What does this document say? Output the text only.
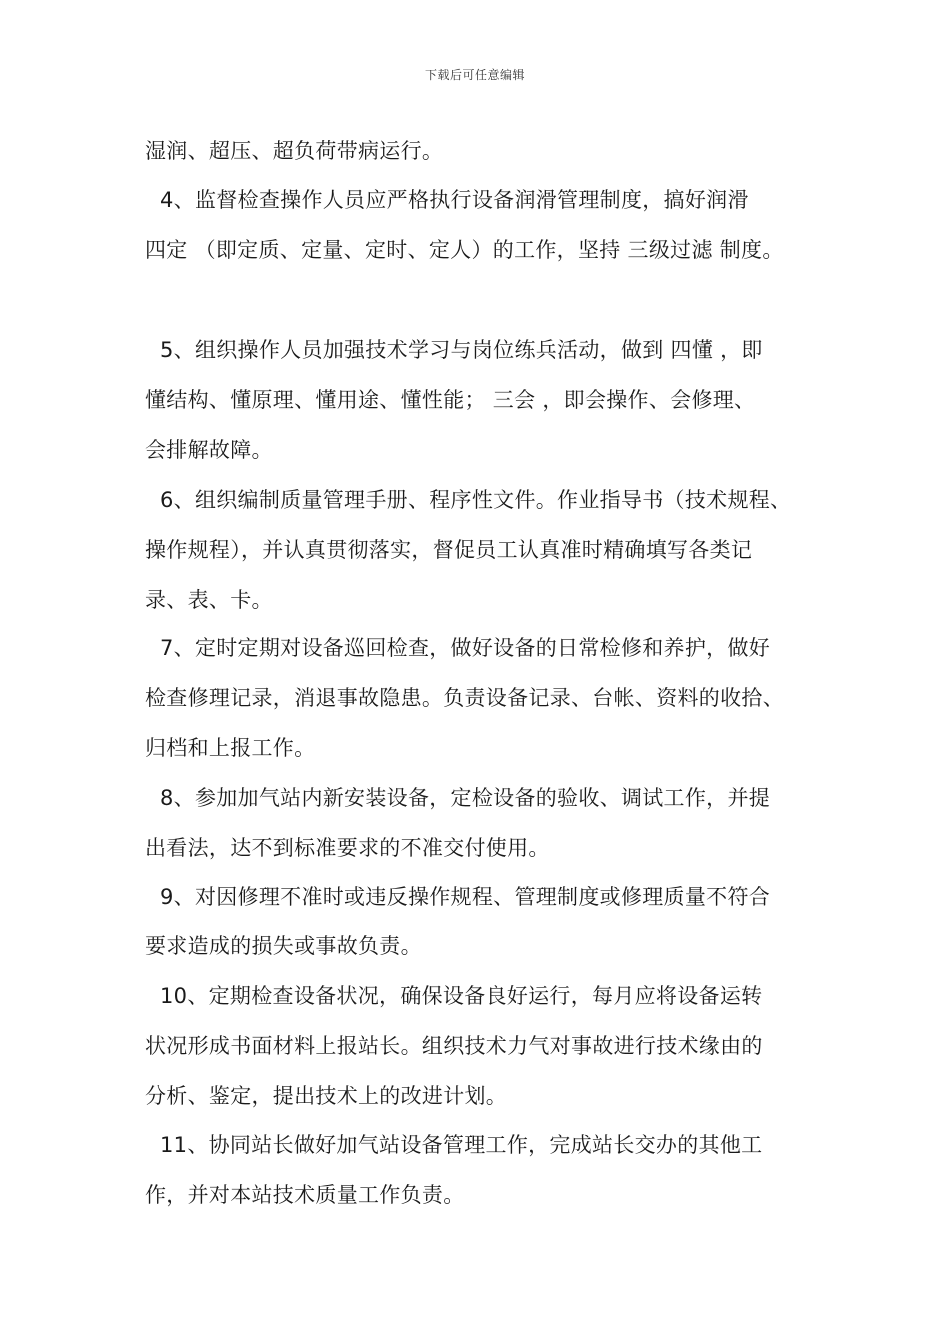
下载后可任意编辑
湿润、超压、超负荷带病运行。
4、监督检查操作人员应严格执行设备润滑管理制度，搞好润滑
四定 （即定质、定量、定时、定人）的工作，坚持 三级过滤 制度。
5、组织操作人员加强技术学习与岗位练兵活动，做到 四懂 ，即
懂结构、懂原理、懂用途、懂性能； 三会 ，即会操作、会修理、
会排解故障。
6、组织编制质量管理手册、程序性文件。作业指导书（技术规程、
操作规程），并认真贯彻落实，督促员工认真准时精确填写各类记
录、表、卡。
7、定时定期对设备巡回检查，做好设备的日常检修和养护，做好
检查修理记录，消退事故隐患。负责设备记录、台帐、资料的收拾、
归档和上报工作。
8、参加加气站内新安装设备，定检设备的验收、调试工作，并提
出看法，达不到标准要求的不准交付使用。
9、对因修理不准时或违反操作规程、管理制度或修理质量不符合
要求造成的损失或事故负责。
10、定期检查设备状况，确保设备良好运行，每月应将设备运转
状况形成书面材料上报站长。组织技术力气对事故进行技术缘由的
分析、鉴定，提出技术上的改进计划。
11、协同站长做好加气站设备管理工作，完成站长交办的其他工
作，并对本站技术质量工作负责。
